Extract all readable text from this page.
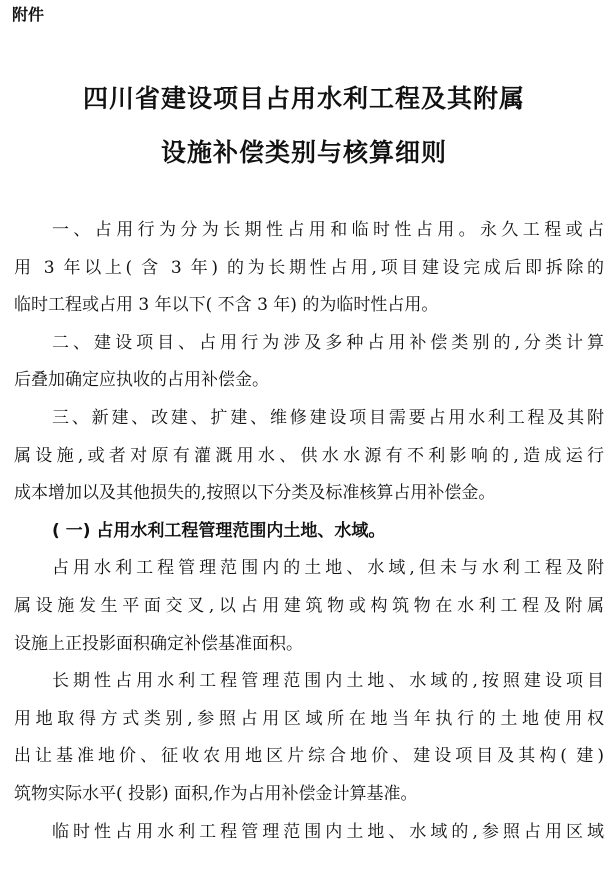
附件
四川省建设项目占用水利工程及其附属
设施补偿类别与核算细则
一、占用行为分为长期性占用和临时性占用。永久工程或占
用 3 年以上( 含 3 年) 的为长期性占用,项目建设完成后即拆除的
临时工程或占用 3 年以下( 不含 3 年) 的为临时性占用。
二、建设项目、占用行为涉及多种占用补偿类别的,分类计算
后叠加确定应执收的占用补偿金。
三、新建、改建、扩建、维修建设项目需要占用水利工程及其附
属设施,或者对原有灌溉用水、供水水源有不利影响的,造成运行
成本增加以及其他损失的,按照以下分类及标准核算占用补偿金。
( 一) 占用水利工程管理范围内土地、水域。
占用水利工程管理范围内的土地、水域,但未与水利工程及附
属设施发生平面交叉,以占用建筑物或构筑物在水利工程及附属
设施上正投影面积确定补偿基准面积。
长期性占用水利工程管理范围内土地、水域的,按照建设项目
用地取得方式类别,参照占用区域所在地当年执行的土地使用权
出让基准地价、征收农用地区片综合地价、建设项目及其构( 建)
筑物实际水平( 投影) 面积,作为占用补偿金计算基准。
临时性占用水利工程管理范围内土地、水域的,参照占用区域
